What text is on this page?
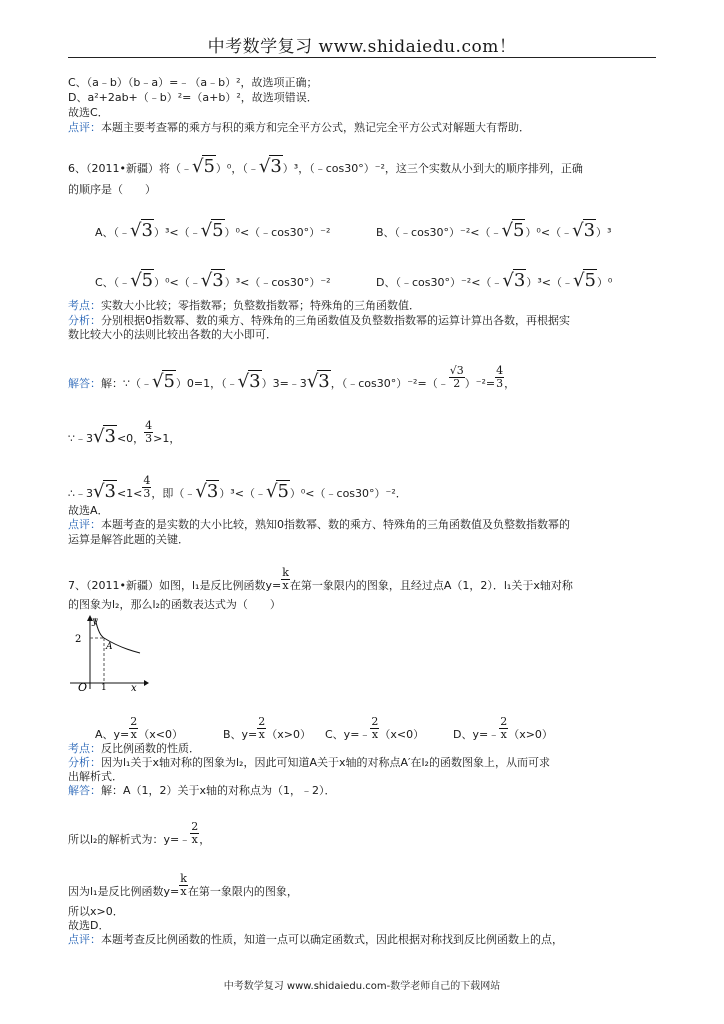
中考数学复习 www.shidaiedu.com！
C、（a﹣b）（b﹣a）=﹣（a﹣b）²，故选项正确；
D、a²+2ab+（﹣b）²=（a+b）²，故选项错误．
故选C．
点评：本题主要考查幂的乘方与积的乘方和完全平方公式，熟记完全平方公式对解题大有帮助．
6、（2011•新疆）将（﹣√5）⁰，（﹣√3）³，（﹣cos30°）⁻²，这三个实数从小到大的顺序排列，正确
的顺序是（　　）
A、（﹣√3）³<（﹣√5）⁰<（﹣cos30°）⁻²	B、（﹣cos30°）⁻²<（﹣√5）⁰<（﹣√3）³
C、（﹣√5）⁰<（﹣√3）³<（﹣cos30°）⁻²	D、（﹣cos30°）⁻²<（﹣√3）³<（﹣√5）⁰
考点：实数大小比较；零指数幂；负整数指数幂；特殊角的三角函数值．
分析：分别根据0指数幂、数的乘方、特殊角的三角函数值及负整数指数幂的运算计算出各数，再根据实
数比较大小的法则比较出各数的大小即可．
解答：解：∵（﹣√5）0=1，（﹣√3）3=﹣3√3，（﹣cos30°）⁻²=（﹣ $\frac{√3}{2} )^{-2}= \frac{4}{3}$ ，
∵﹣3√3<0， $\frac{4}{3} >1$，
∴﹣3√3<1< $\frac{4}{3}$ ，即（﹣√3）³<（﹣√5）⁰<（﹣cos30°）⁻²．
故选A．
点评：本题考查的是实数的大小比较，熟知0指数幂、数的乘方、特殊角的三角函数值及负整数指数幂的
运算是解答此题的关键．
7、（2011•新疆）如图，l₁是反比例函数$y= \frac{k}{x}$ 在第一象限内的图象，且经过点A（1，2）．l₁关于x轴对称
的图象为l₂，那么l₂的函数表达式为（　　）
y
2
A
1
O	x
A、$y= \frac{2}{x} (x<0)$	B、$y= \frac{2}{x} (x>0)$ C、y=﹣ $\frac{2}{x} (x<0)$	D、y=﹣ $\frac{2}{x} (x>0)$
考点：反比例函数的性质．
分析：因为l₁关于x轴对称的图象为l₂，因此可知道A关于x轴的对称点A′在l₂的函数图象上，从而可求
出解析式．
解答：解：A（1，2）关于x轴的对称点为（1，﹣2）．
所以l₂的解析式为：y=﹣ $\frac{2}{x}$ ，
因为l₁是反比例函数$y= \frac{k}{x}$ 在第一象限内的图象，
所以x>0．
故选D．
点评：本题考查反比例函数的性质，知道一点可以确定函数式，因此根据对称找到反比例函数上的点，
中考数学复习 www.shidaiedu.com-数学老师自己的下载网站
